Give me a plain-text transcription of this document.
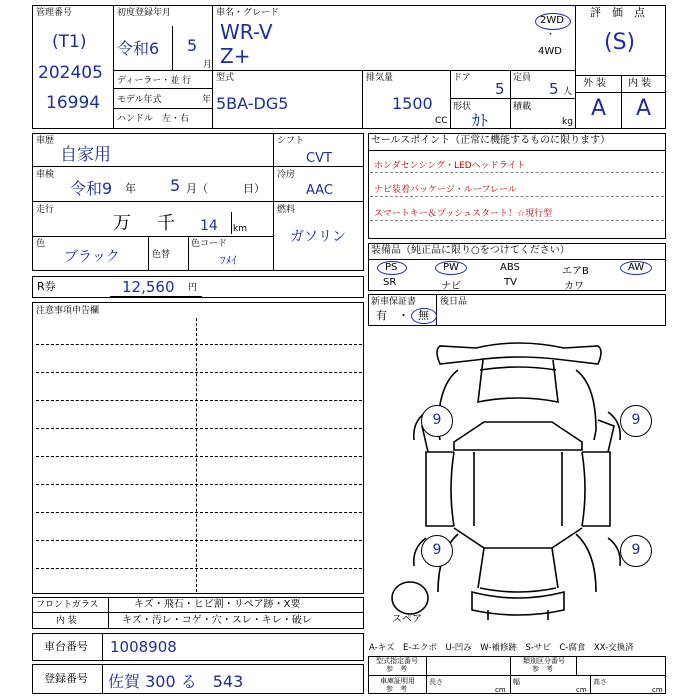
管理番号
(T1)
202405
16994
初度登録年月
令和6 5
月
ディーラー・並 行
モデル年式	年
ハンドル　左・右
車名・グレード
WR-V
Z+
2WD
・
4WD
型式
5BA-DG5
排気量
1500
CC
ドア
5
定員
5 人
形状
ｶﾄ
積載
kg
評　価　点
(S)
外 装 内 装
A A
車歴
自家用
車検
令和9 年 5 月（	日）
走行
万 千 14 km
色
ブラック	色替
色コード
ﾌﾒｲ
シフト
CVT
冷房
AAC
燃料
ガソリン
R券	12,560 円
注意事項申告欄
フロントガラス	キズ・飛石・ヒビ割・リペア跡・X要
内 装	キズ・汚レ・コゲ・穴・スレ・キレ・破レ
車台番号 1008908
登録番号 佐賀 300 る　543
セールスポイント（正常に機能するものに限ります）
ホンダセンシング・LEDヘッドライト
ナビ装着パッケージ・ルーフレール
スマートキー＆プッシュスタート！☆現行型
装備品（純正品に限り○をつけてください）
PS	PW	ABS	エアB	AW
SR	ナビ	TV	カワ
新車保証書	後日品
有 ・ 無
9	9
9	9
スペア
A-キズ　E-エクボ　U-凹み　W-補修跡　S-サビ　C-腐食　XX-交換済
型式指定番号
参　考
類別区分番号
参　考
車庫証明用
参　考
長さ
cm
幅
cm
高さ
cm
